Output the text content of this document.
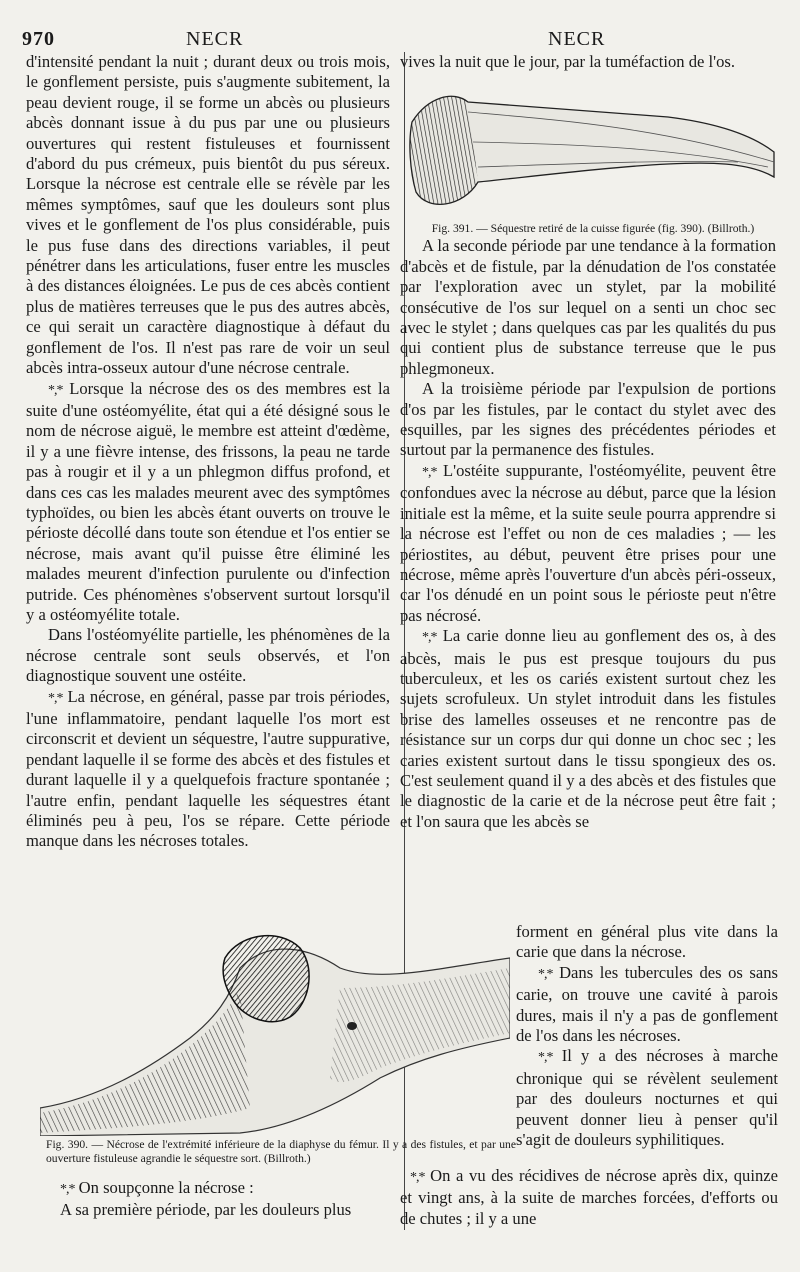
970	NECR	NECR

d'intensité pendant la nuit ; durant deux ou trois mois, le gonflement persiste, puis s'augmente subitement, la peau devient rouge, il se forme un abcès ou plusieurs abcès donnant issue à du pus par une ou plusieurs ouvertures qui restent fistuleuses et fournissent d'abord du pus crémeux, puis bientôt du pus séreux. Lorsque la nécrose est centrale elle se révèle par les mêmes symptômes, sauf que les douleurs sont plus vives et le gonflement de l'os plus considérable, puis le pus fuse dans des directions variables, il peut pénétrer dans les articulations, fuser entre les muscles à des distances éloignées. Le pus de ces abcès contient plus de matières terreuses que le pus des autres abcès, ce qui serait un caractère diagnostique à défaut du gonflement de l'os. Il n'est pas rare de voir un seul abcès intra-osseux autour d'une nécrose centrale.

*,* Lorsque la nécrose des os des membres est la suite d'une ostéomyélite, état qui a été désigné sous le nom de nécrose aiguë, le membre est atteint d'œdème, il y a une fièvre intense, des frissons, la peau ne tarde pas à rougir et il y a un phlegmon diffus profond, et dans ces cas les malades meurent avec des symptômes typhoïdes, ou bien les abcès étant ouverts on trouve le périoste décollé dans toute son étendue et l'os entier se nécrose, mais avant qu'il puisse être éliminé les malades meurent d'infection purulente ou d'infection putride. Ces phénomènes s'observent surtout lorsqu'il y a ostéomyélite totale.

Dans l'ostéomyélite partielle, les phénomènes de la nécrose centrale sont seuls observés, et l'on diagnostique souvent une ostéite.

*,* La nécrose, en général, passe par trois périodes, l'une inflammatoire, pendant laquelle l'os mort est circonscrit et devient un séquestre, l'autre suppurative, pendant laquelle il se forme des abcès et des fistules et durant laquelle il y a quelquefois fracture spontanée ; l'autre enfin, pendant laquelle les séquestres étant éliminés peu à peu, l'os se répare. Cette période manque dans les nécroses totales.

Fig. 390. — Nécrose de l'extrémité inférieure de la diaphyse du fémur. Il y a des fistules, et par une ouverture fistuleuse agrandie le séquestre sort. (Billroth.)

*,* On soupçonne la nécrose :

A sa première période, par les douleurs plus

vives la nuit que le jour, par la tuméfaction de l'os.

Fig. 391. — Séquestre retiré de la cuisse figurée (fig. 390). (Billroth.)

A la seconde période par une tendance à la formation d'abcès et de fistule, par la dénudation de l'os constatée par l'exploration avec un stylet, par la mobilité consécutive de l'os sur lequel on a senti un choc sec avec le stylet ; dans quelques cas par les qualités du pus qui contient plus de substance terreuse que le pus phlegmoneux.

A la troisième période par l'expulsion de portions d'os par les fistules, par le contact du stylet avec des esquilles, par les signes des précédentes périodes et surtout par la permanence des fistules.

*,* L'ostéite suppurante, l'ostéomyélite, peuvent être confondues avec la nécrose au début, parce que la lésion initiale est la même, et la suite seule pourra apprendre si la nécrose est l'effet ou non de ces maladies ; — les périostites, au début, peuvent être prises pour une nécrose, même après l'ouverture d'un abcès péri-osseux, car l'os dénudé en un point sous le périoste peut n'être pas nécrosé.

*,* La carie donne lieu au gonflement des os, à des abcès, mais le pus est presque toujours du pus tuberculeux, et les os cariés existent surtout chez les sujets scrofuleux. Un stylet introduit dans les fistules brise des lamelles osseuses et ne rencontre pas de résistance sur un corps dur qui donne un choc sec ; les caries existent surtout dans le tissu spongieux des os. C'est seulement quand il y a des abcès et des fistules que le diagnostic de la carie et de la nécrose peut être fait ; et l'on saura que les abcès se

forment en général plus vite dans la carie que dans la nécrose.

*,* Dans les tubercules des os sans carie, on trouve une cavité à parois dures, mais il n'y a pas de gonflement de l'os dans les nécroses.

*,* Il y a des nécroses à marche chronique qui se révèlent seulement par des douleurs nocturnes et qui peuvent donner lieu à penser qu'il s'agit de douleurs syphilitiques.

*,* On a vu des récidives de nécrose après dix, quinze et vingt ans, à la suite de marches forcées, d'efforts ou de chutes ; il y a une
